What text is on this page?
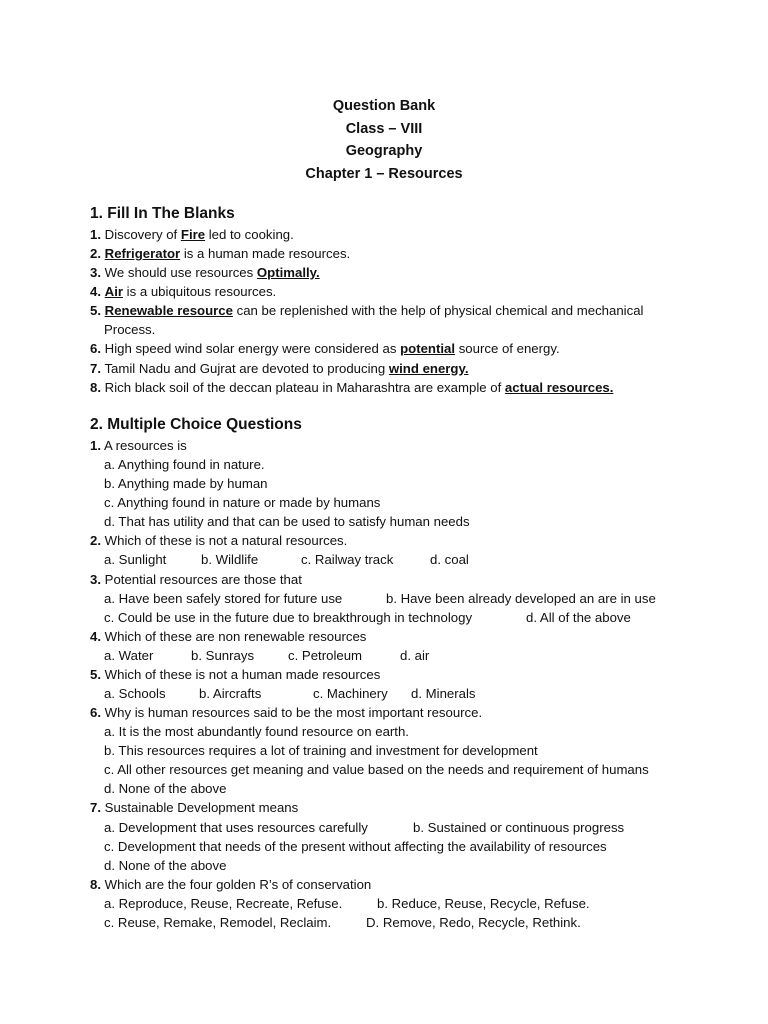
Question Bank
Class – VIII
Geography
Chapter 1 – Resources
1. Fill In The Blanks
1. Discovery of Fire led to cooking.
2. Refrigerator is a human made resources.
3. We should use resources Optimally.
4. Air is a ubiquitous resources.
5. Renewable resource can be replenished with the help of physical chemical and mechanical
Process.
6. High speed wind solar energy were considered as potential source of energy.
7. Tamil Nadu and Gujrat are devoted to producing wind energy.
8. Rich black soil of the deccan plateau in Maharashtra are example of actual resources.
2. Multiple Choice Questions
1. A resources is
a. Anything found in nature.
b. Anything made by human
c. Anything found in nature or made by humans
d. That has utility and that can be used to satisfy human needs
2. Which of these is not a natural resources.
a. Sunlight	b. Wildlife	c. Railway track	d. coal
3. Potential resources are those that
a. Have been safely stored for future use	b. Have been already developed an are in use
c. Could be use in the future due to breakthrough in technology	d. All of the above
4. Which of these are non renewable resources
a. Water	b. Sunrays	c. Petroleum	d. air
5. Which of these is not a human made resources
a. Schools	b. Aircrafts	c. Machinery d. Minerals
6. Why is human resources said to be the most important resource.
a. It is the most abundantly found resource on earth.
b. This resources requires a lot of training and investment for development
c. All other resources get meaning and value based on the needs and requirement of humans
d. None of the above
7. Sustainable Development means
a. Development that uses resources carefully	b. Sustained or continuous progress
c. Development that needs of the present without affecting the availability of resources
d. None of the above
8. Which are the four golden R’s of conservation
a. Reproduce, Reuse, Recreate, Refuse.	b. Reduce, Reuse, Recycle, Refuse.
c. Reuse, Remake, Remodel, Reclaim.	D. Remove, Redo, Recycle, Rethink.
